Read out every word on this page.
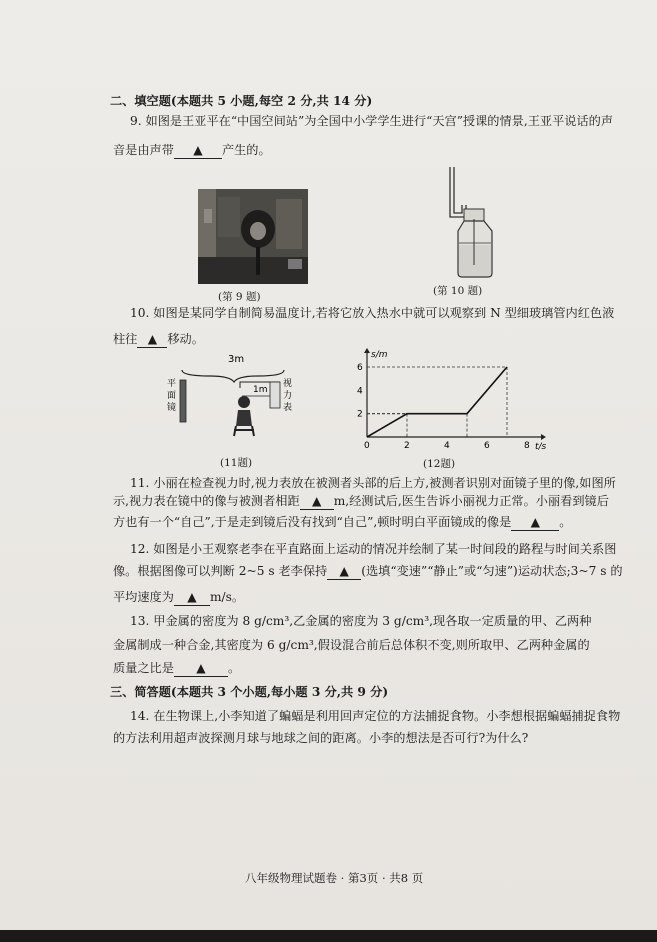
二、填空题(本题共 5 小题,每空 2 分,共 14 分)
9. 如图是王亚平在“中国空间站”为全国中小学学生进行“天宫”授课的情景,王亚平说话的声
音是由声带 ▲ 产生的。
(第 9 题)	(第 10 题)
10. 如图是某同学自制简易温度计,若将它放入热水中就可以观察到 N 型细玻璃管内红色液
柱往 ▲ 移动。
3m
1m
平
面
镜
视
力
表
(11题)
s/m
t/s
0	2	4	6	8
2
4
6
(12题)
11. 小丽在检查视力时,视力表放在被测者头部的后上方,被测者识别对面镜子里的像,如图所
示,视力表在镜中的像与被测者相距 ▲ m,经测试后,医生告诉小丽视力正常。小丽看到镜后
方也有一个“自己”,于是走到镜后没有找到“自己”,顿时明白平面镜成的像是 ▲ 。
12. 如图是小王观察老李在平直路面上运动的情况并绘制了某一时间段的路程与时间关系图
像。根据图像可以判断 2~5 s 老李保持 ▲ (选填“变速”“静止”或“匀速”)运动状态;3~7 s 的
平均速度为 ▲ m/s。
13. 甲金属的密度为 8 g/cm³,乙金属的密度为 3 g/cm³,现各取一定质量的甲、乙两种
金属制成一种合金,其密度为 6 g/cm³,假设混合前后总体积不变,则所取甲、乙两种金属的
质量之比是 ▲ 。
三、简答题(本题共 3 个小题,每小题 3 分,共 9 分)
14. 在生物课上,小李知道了蝙蝠是利用回声定位的方法捕捉食物。小李想根据蝙蝠捕捉食物
的方法利用超声波探测月球与地球之间的距离。小李的想法是否可行?为什么?
八年级物理试题卷 · 第3页 · 共8 页
